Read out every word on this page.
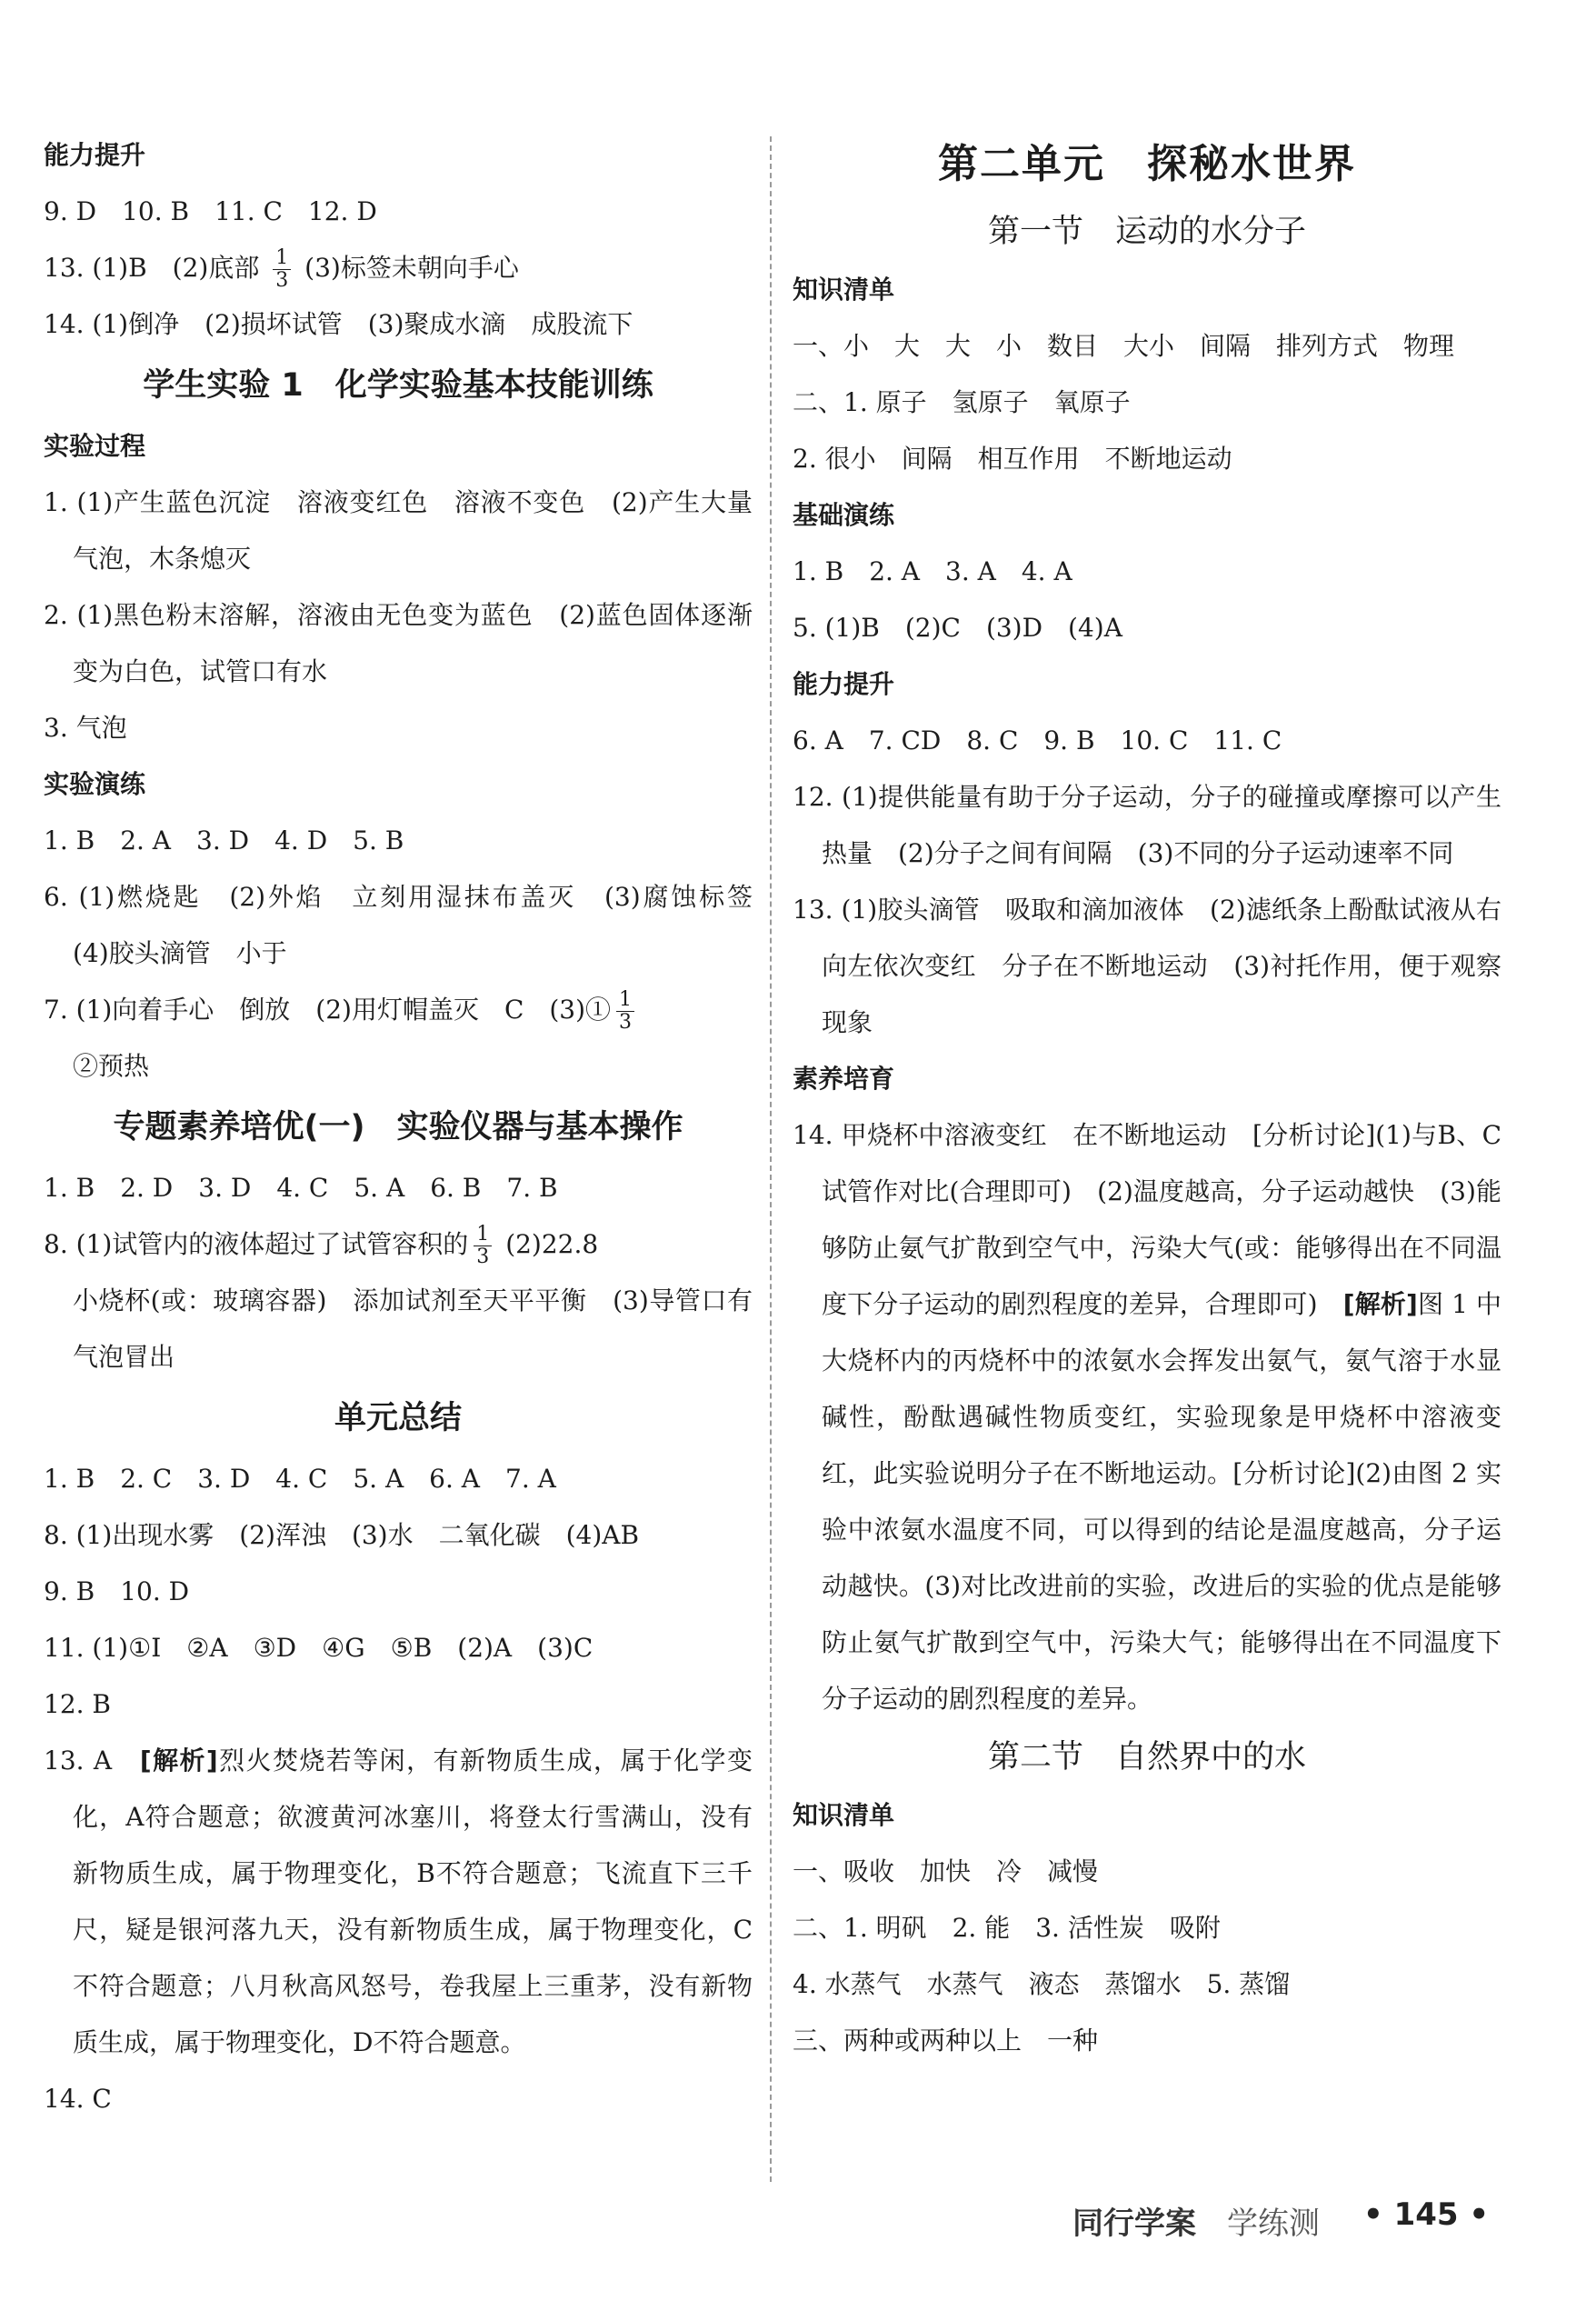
能力提升
9. D　10. B　11. C　12. D
13. (1)B　(2)底部 $\frac{1}{3} (3)$标签未朝向手心
14. (1)倒净　(2)损坏试管　(3)聚成水滴　成股流下
学生实验 1　化学实验基本技能训练
实验过程
1. (1)产生蓝色沉淀　溶液变红色　溶液不变色　(2)产生大量气泡，木条熄灭
2. (1)黑色粉末溶解，溶液由无色变为蓝色　(2)蓝色固体逐渐变为白色，试管口有水
3. 气泡
实验演练
1. B　2. A　3. D　4. D　5. B
6. (1)燃烧匙　(2)外焰　立刻用湿抹布盖灭　(3)腐蚀标签　(4)胶头滴管　小于
7. (1)向着手心　倒放　(2)用灯帽盖灭　C　(3)① $\frac{1}{3}$
②预热
专题素养培优(一)　实验仪器与基本操作
1. B　2. D　3. D　4. C　5. A　6. B　7. B
8. (1)试管内的液体超过了试管容积的 $\frac{1}{3} (2)22.8$
小烧杯(或：玻璃容器)　添加试剂至天平平衡　(3)导管口有气泡冒出
单元总结
1. B　2. C　3. D　4. C　5. A　6. A　7. A
8. (1)出现水雾　(2)浑浊　(3)水　二氧化碳　(4)AB
9. B　10. D
11. (1)①I　②A　③D　④G　⑤B　(2)A　(3)C
12. B
13. A　 [解析]烈火焚烧若等闲，有新物质生成，属于化学变化，A符合题意；欲渡黄河冰塞川，将登太行雪满山，没有新物质生成，属于物理变化，B不符合题意；飞流直下三千尺，疑是银河落九天，没有新物质生成，属于物理变化，C不符合题意；八月秋高风怒号，卷我屋上三重茅，没有新物质生成，属于物理变化，D不符合题意。
14. C
第二单元　探秘水世界
第一节　运动的水分子
知识清单
一、小　大　大　小　数目　大小　间隔　排列方式　物理
二、1. 原子　氢原子　氧原子
2. 很小　间隔　相互作用　不断地运动
基础演练
1. B　2. A　3. A　4. A
5. (1)B　(2)C　(3)D　(4)A
能力提升
6. A　7. CD　8. C　9. B　10. C　11. C
12. (1)提供能量有助于分子运动，分子的碰撞或摩擦可以产生热量　(2)分子之间有间隔　(3)不同的分子运动速率不同
13. (1)胶头滴管　吸取和滴加液体　(2)滤纸条上酚酞试液从右向左依次变红　分子在不断地运动　(3)衬托作用，便于观察现象
素养培育
14. 甲烧杯中溶液变红　在不断地运动　[分析讨论](1)与B、C试管作对比(合理即可)　(2)温度越高，分子运动越快　(3)能够防止氨气扩散到空气中，污染大气(或：能够得出在不同温度下分子运动的剧烈程度的差异，合理即可)　 [解析]图 1 中大烧杯内的丙烧杯中的浓氨水会挥发出氨气，氨气溶于水显碱性，酚酞遇碱性物质变红，实验现象是甲烧杯中溶液变红，此实验说明分子在不断地运动。[分析讨论](2)由图 2 实验中浓氨水温度不同，可以得到的结论是温度越高，分子运动越快。(3)对比改进前的实验，改进后的实验的优点是能够防止氨气扩散到空气中，污染大气；能够得出在不同温度下分子运动的剧烈程度的差异。
第二节　自然界中的水
知识清单
一、吸收　加快　冷　减慢
二、1. 明矾　2. 能　3. 活性炭　吸附
4. 水蒸气　水蒸气　液态　蒸馏水　5. 蒸馏
三、两种或两种以上　一种
同行学案 学练测 • 145 •
